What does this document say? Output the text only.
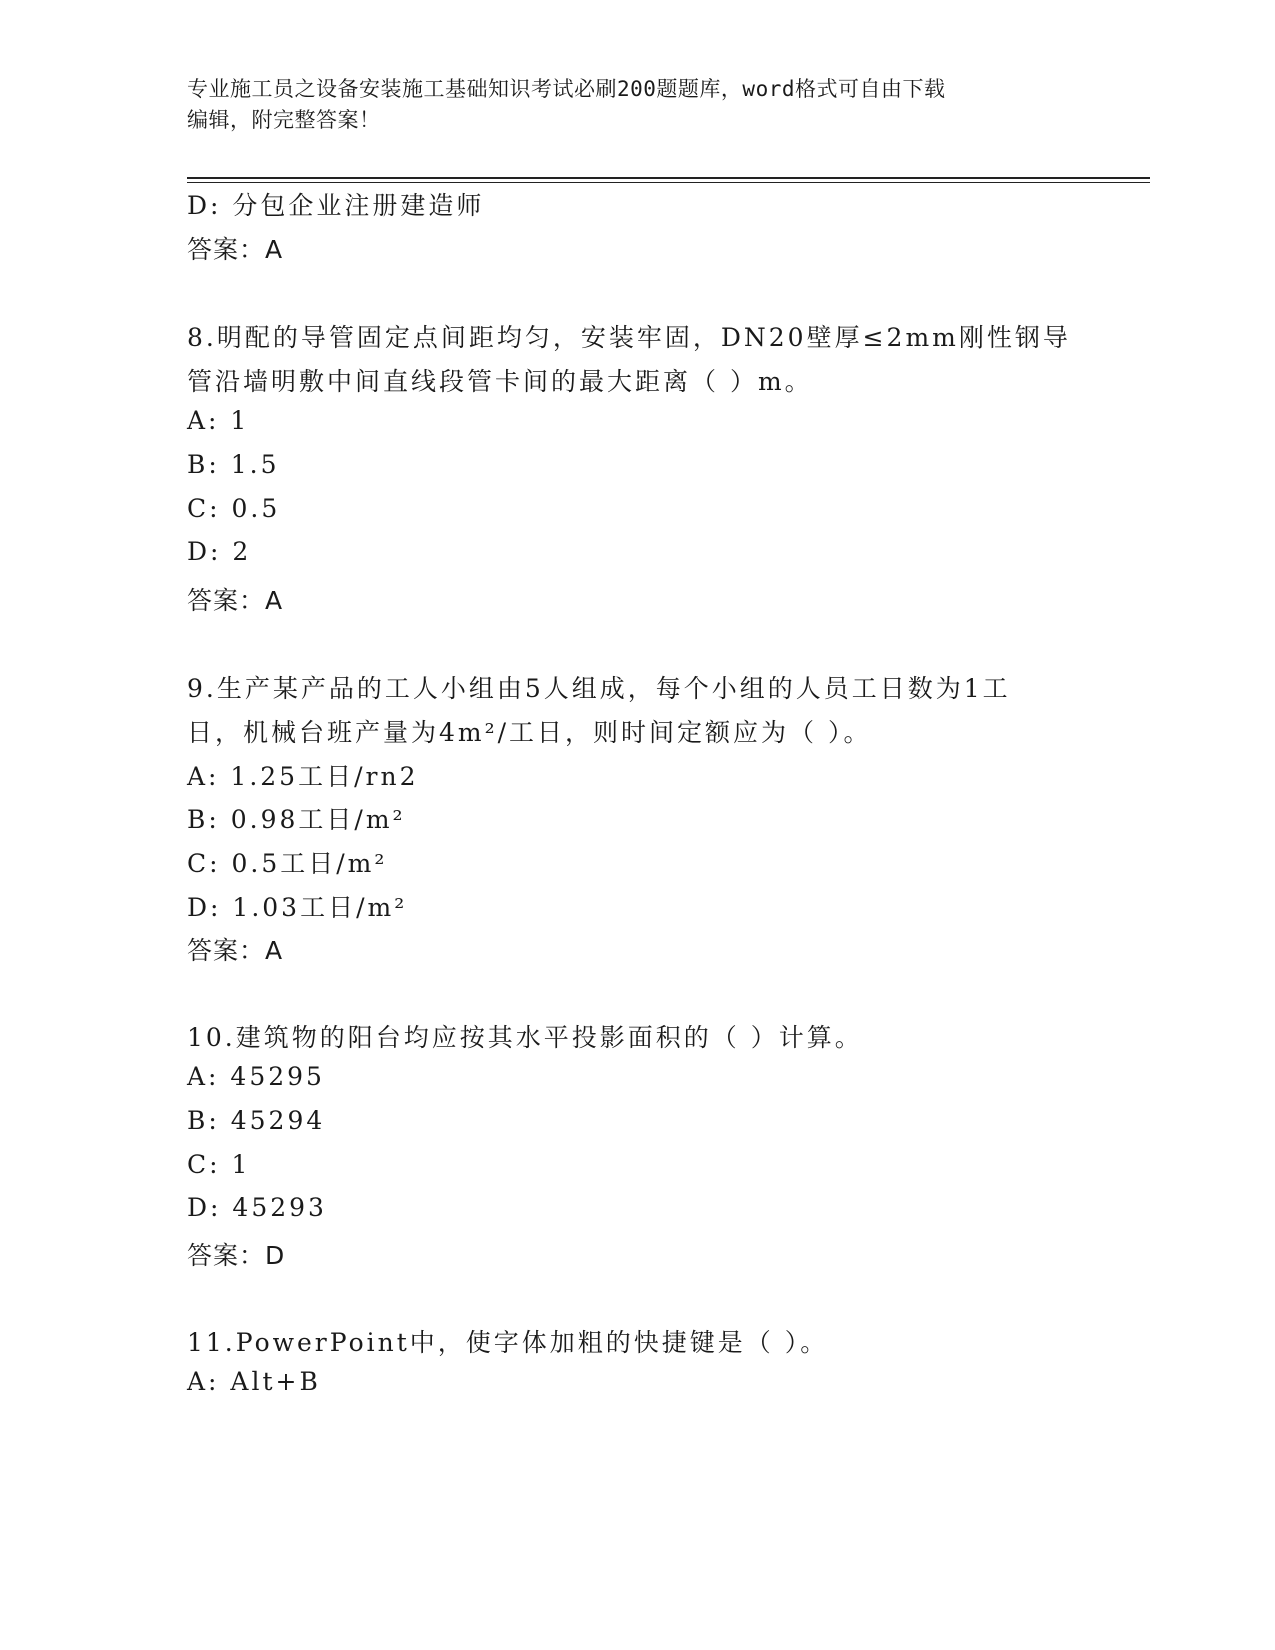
专业施工员之设备安装施工基础知识考试必刷200题题库，word格式可自由下载
编辑，附完整答案！
D: 分包企业注册建造师
答案：A
8.明配的导管固定点间距均匀，安装牢固，DN20壁厚≤2mm刚性钢导
管沿墙明敷中间直线段管卡间的最大距离（ ）m。
A: 1
B: 1.5
C: 0.5
D: 2
答案：A
9.生产某产品的工人小组由5人组成，每个小组的人员工日数为1工
日，机械台班产量为4m²/工日，则时间定额应为（ ）。
A: 1.25工日/rn2
B: 0.98工日/m²
C: 0.5工日/m²
D: 1.03工日/m²
答案：A
10.建筑物的阳台均应按其水平投影面积的（ ）计算。
A: 45295
B: 45294
C: 1
D: 45293
答案：D
11.PowerPoint中，使字体加粗的快捷键是（ ）。
A: Alt+B
